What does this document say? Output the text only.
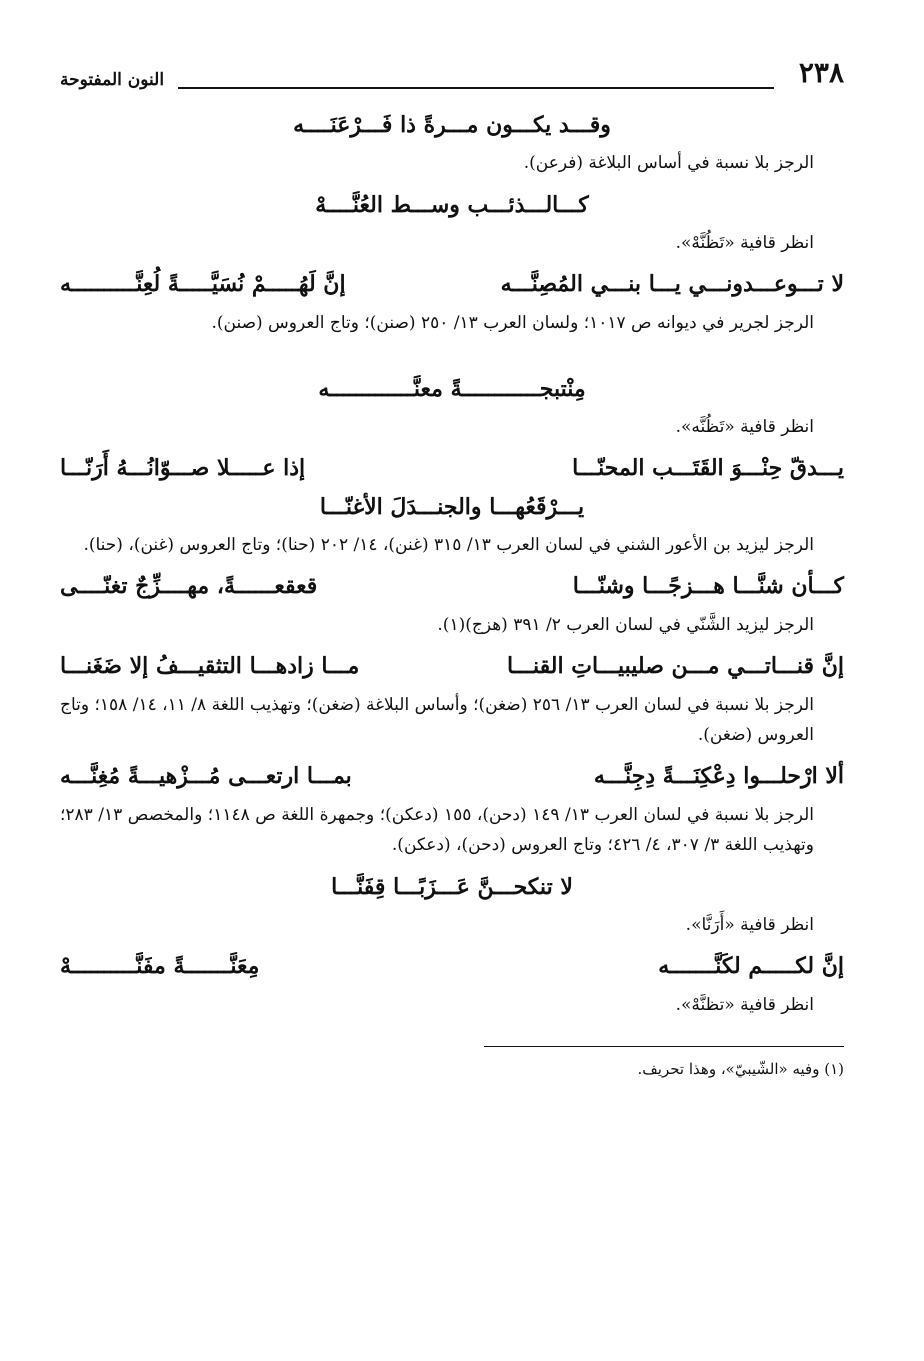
٢٣٨
النون المفتوحة
وقـــد يكـــون مـــرةً ذا فَـــرْعَنَــــه
الرجز بلا نسبة في أساس البلاغة (فرعن).
كـــالـــذئـــب وســـط العُنَّــــهْ
انظر قافية «تَظُنَّهْ».
لا تـــوعـــدونـــي يـــا بنـــي المُصِنَّـــه
إنَّ لَهُـــــمْ نُسَيَّـــــةً لُعِنَّــــــــــه
الرجز لجرير في ديوانه ص ١٠١٧؛ ولسان العرب ١٣/ ٢٥٠ (صنن)؛ وتاج العروس (صنن).
مِنْتبجــــــــــــةً معنَّـــــــــــــه
انظر قافية «تَظُنَّه».
يـــدقّ حِنْـــوَ القَتَـــب المحنّـــا
إذا عـــــلا صـــوّانُـــهُ أَرَنّـــا
يـــرْقَعُهـــا والجنـــدَلَ الأغنّـــا
الرجز ليزيد بن الأعور الشني في لسان العرب ١٣/ ٣١٥ (غنن)، ١٤/ ٢٠٢ (حنا)؛ وتاج العروس (غنن)، (حنا).
كـــأن شنَّـــا هـــزجًـــا وشنّـــا
قعقعــــــةً، مهــــزِّجٌ تغنّــــى
الرجز ليزيد الشَّنّي في لسان العرب ٢/ ٣٩١ (هزج)(١).
إنَّ قنـــاتـــي مـــن صليبيـــاتِ القنـــا
مـــا زادهـــا التثقيـــفُ إلا ضَغَنـــا
الرجز بلا نسبة في لسان العرب ١٣/ ٢٥٦ (ضغن)؛ وأساس البلاغة (ضغن)؛ وتهذيب اللغة ٨/ ١١، ١٤/ ١٥٨؛ وتاج العروس (ضغن).
ألا ارْحلـــوا دِعْكِنَـــةً دِجِنَّـــه
بمـــا ارتعـــى مُـــزْهيـــةً مُغِنَّـــه
الرجز بلا نسبة في لسان العرب ١٣/ ١٤٩ (دحن)، ١٥٥ (دعكن)؛ وجمهرة اللغة ص ١١٤٨؛ والمخصص ١٣/ ٢٨٣؛ وتهذيب اللغة ٣/ ٣٠٧، ٤/ ٤٢٦؛ وتاج العروس (دحن)، (دعكن).
لا تنكحـــنَّ عَـــزَبًـــا قِفَنَّـــا
انظر قافية «أَرَنَّا».
إنَّ لكـــــم لكَنَّـــــــه
مِعَنَّـــــــةً مفَنَّــــــــــهْ
انظر قافية «تظنَّهْ».
(١) وفيه «الشّيبيّ»، وهذا تحريف.
